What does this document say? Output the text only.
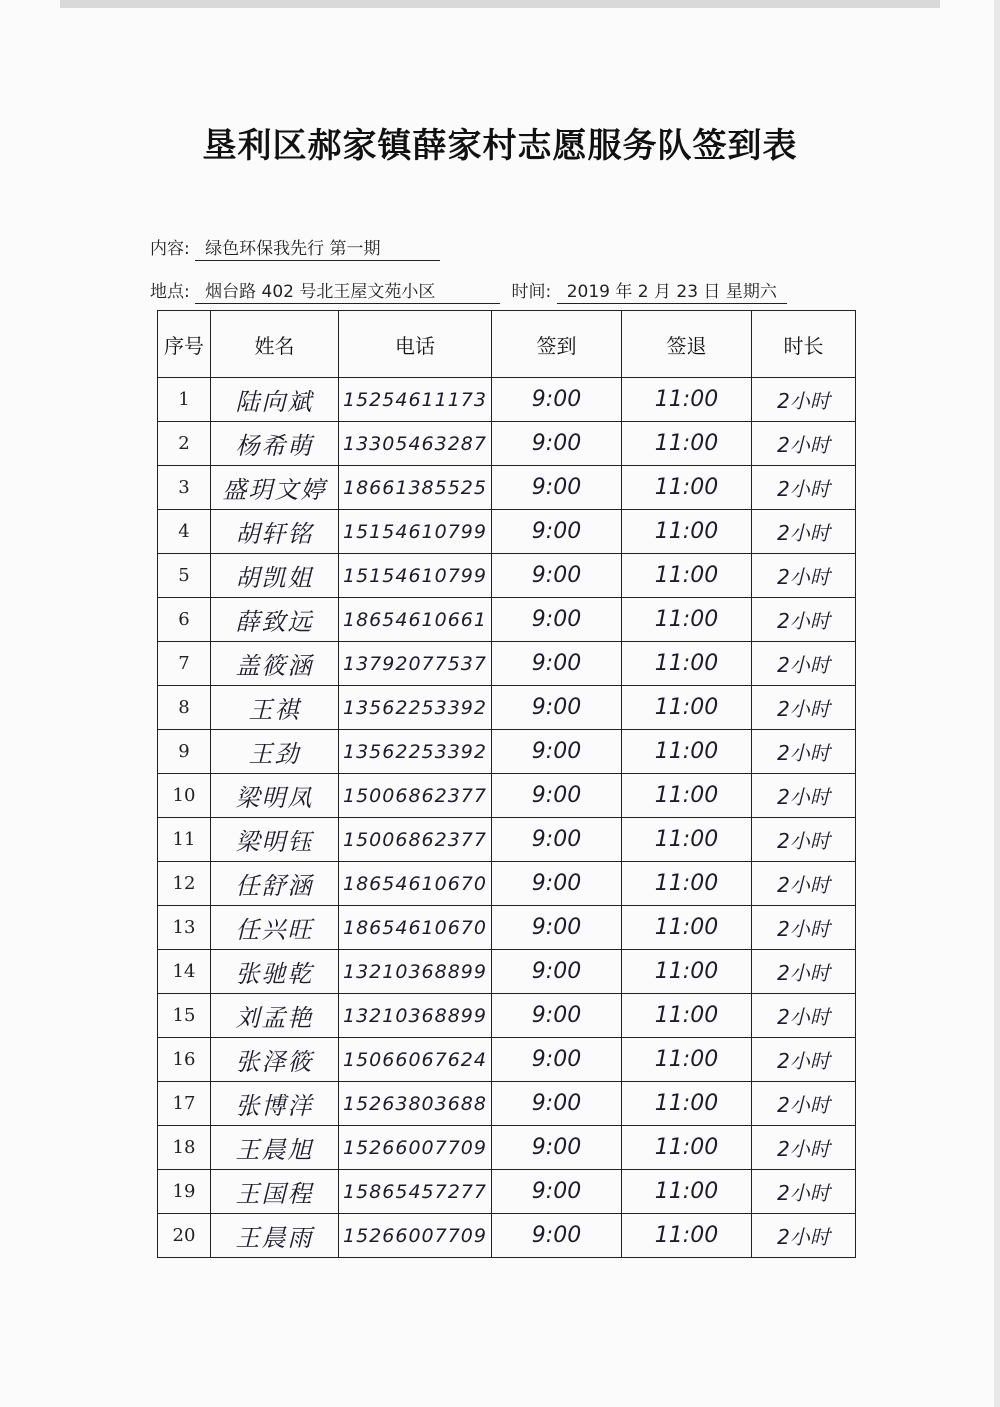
垦利区郝家镇薛家村志愿服务队签到表
内容: 绿色环保我先行 第一期
地点: 烟台路 402 号北王屋文苑小区	时间: 2019 年 2 月 23 日 星期六
序号	姓名	电话	签到	签退	时长
1	陆向斌	15254611173	9:00	11:00	2小时
2	杨希萌	13305463287	9:00	11:00	2小时
3	盛玥文婷	18661385525	9:00	11:00	2小时
4	胡轩铭	15154610799	9:00	11:00	2小时
5	胡凯姐	15154610799	9:00	11:00	2小时
6	薛致远	18654610661	9:00	11:00	2小时
7	盖筱涵	13792077537	9:00	11:00	2小时
8	王祺	13562253392	9:00	11:00	2小时
9	王劲	13562253392	9:00	11:00	2小时
10	梁明凤	15006862377	9:00	11:00	2小时
11	梁明钰	15006862377	9:00	11:00	2小时
12	任舒涵	18654610670	9:00	11:00	2小时
13	任兴旺	18654610670	9:00	11:00	2小时
14	张驰乾	13210368899	9:00	11:00	2小时
15	刘孟艳	13210368899	9:00	11:00	2小时
16	张泽筱	15066067624	9:00	11:00	2小时
17	张博洋	15263803688	9:00	11:00	2小时
18	王晨旭	15266007709	9:00	11:00	2小时
19	王国程	15865457277	9:00	11:00	2小时
20	王晨雨	15266007709	9:00	11:00	2小时
